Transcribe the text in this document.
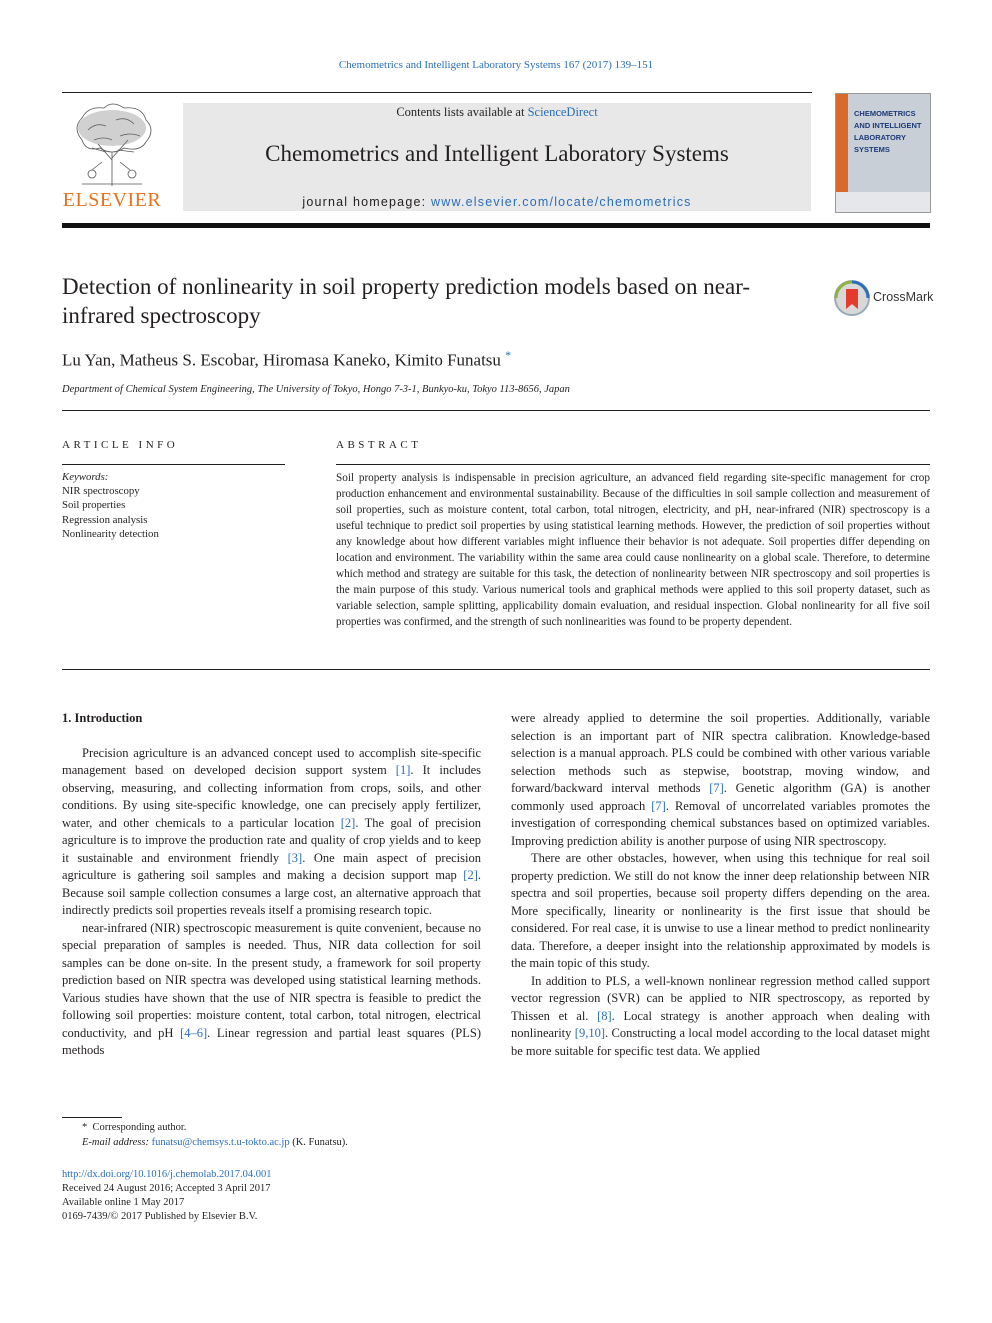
Chemometrics and Intelligent Laboratory Systems 167 (2017) 139–151
ELSEVIER
Contents lists available at ScienceDirect
Chemometrics and Intelligent Laboratory Systems
journal homepage: www.elsevier.com/locate/chemometrics
CHEMOMETRICS
AND INTELLIGENT
LABORATORY
SYSTEMS
Detection of nonlinearity in soil property prediction models based on near-infrared spectroscopy
CrossMark
Lu Yan, Matheus S. Escobar, Hiromasa Kaneko, Kimito Funatsu *
Department of Chemical System Engineering, The University of Tokyo, Hongo 7-3-1, Bunkyo-ku, Tokyo 113-8656, Japan
ARTICLE INFO	ABSTRACT
Keywords:
NIR spectroscopy
Soil properties
Regression analysis
Nonlinearity detection
Soil property analysis is indispensable in precision agriculture, an advanced field regarding site-specific management for crop production enhancement and environmental sustainability. Because of the difficulties in soil sample collection and measurement of soil properties, such as moisture content, total carbon, total nitrogen, electricity, and pH, near-infrared (NIR) spectroscopy is a useful technique to predict soil properties by using statistical learning methods. However, the prediction of soil properties without any knowledge about how different variables might influence their behavior is not adequate. Soil properties differ depending on location and environment. The variability within the same area could cause nonlinearity on a global scale. Therefore, to determine which method and strategy are suitable for this task, the detection of nonlinearity between NIR spectroscopy and soil properties is the main purpose of this study. Various numerical tools and graphical methods were applied to this soil property dataset, such as variable selection, sample splitting, applicability domain evaluation, and residual inspection. Global nonlinearity for all five soil properties was confirmed, and the strength of such nonlinearities was found to be property dependent.

1. Introduction

Precision agriculture is an advanced concept used to accomplish site-specific management based on developed decision support system [1]. It includes observing, measuring, and collecting information from crops, soils, and other conditions. By using site-specific knowledge, one can precisely apply fertilizer, water, and other chemicals to a particular location [2]. The goal of precision agriculture is to improve the production rate and quality of crop yields and to keep it sustainable and environment friendly [3]. One main aspect of precision agriculture is gathering soil samples and making a decision support map [2]. Because soil sample collection consumes a large cost, an alternative approach that indirectly predicts soil properties reveals itself a promising research topic.

near-infrared (NIR) spectroscopic measurement is quite convenient, because no special preparation of samples is needed. Thus, NIR data collection for soil samples can be done on-site. In the present study, a framework for soil property prediction based on NIR spectra was developed using statistical learning methods. Various studies have shown that the use of NIR spectra is feasible to predict the following soil properties: moisture content, total carbon, total nitrogen, electrical conductivity, and pH [4–6]. Linear regression and partial least squares (PLS) methods

were already applied to determine the soil properties. Additionally, variable selection is an important part of NIR spectra calibration. Knowledge-based selection is a manual approach. PLS could be combined with other various variable selection methods such as stepwise, bootstrap, moving window, and forward/backward interval methods [7]. Genetic algorithm (GA) is another commonly used approach [7]. Removal of uncorrelated variables promotes the investigation of corresponding chemical substances based on optimized variables. Improving prediction ability is another purpose of using NIR spectroscopy.

There are other obstacles, however, when using this technique for real soil property prediction. We still do not know the inner deep relationship between NIR spectra and soil properties, because soil property differs depending on the area. More specifically, linearity or nonlinearity is the first issue that should be considered. For real case, it is unwise to use a linear method to predict nonlinearity data. Therefore, a deeper insight into the relationship approximated by models is the main topic of this study.

In addition to PLS, a well-known nonlinear regression method called support vector regression (SVR) can be applied to NIR spectroscopy, as reported by Thissen et al. [8]. Local strategy is another approach when dealing with nonlinearity [9,10]. Constructing a local model according to the local dataset might be more suitable for specific test data. We applied

* Corresponding author.
E-mail address: funatsu@chemsys.t.u-tokto.ac.jp (K. Funatsu).
http://dx.doi.org/10.1016/j.chemolab.2017.04.001
Received 24 August 2016; Accepted 3 April 2017
Available online 1 May 2017
0169-7439/© 2017 Published by Elsevier B.V.
